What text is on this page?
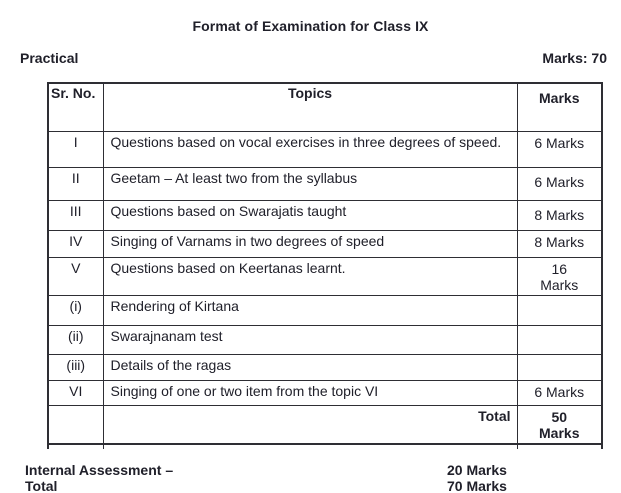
Format of Examination for Class IX
Practical	Marks: 70
Sr. No.	Topics	Marks
I	Questions based on vocal exercises in three degrees of speed.	6 Marks
II	Geetam – At least two from the syllabus	6 Marks
III	Questions based on Swarajatis taught	8 Marks
IV	Singing of Varnams in two degrees of speed	8 Marks
V	Questions based on Keertanas learnt.	16 Marks
(i)	Rendering of Kirtana	
(ii)	Swarajnanam test	
(iii)	Details of the ragas	
VI	Singing of one or two item from the topic VI	6 Marks
	Total	50 Marks

Internal Assessment –	20 Marks
Total	70 Marks
